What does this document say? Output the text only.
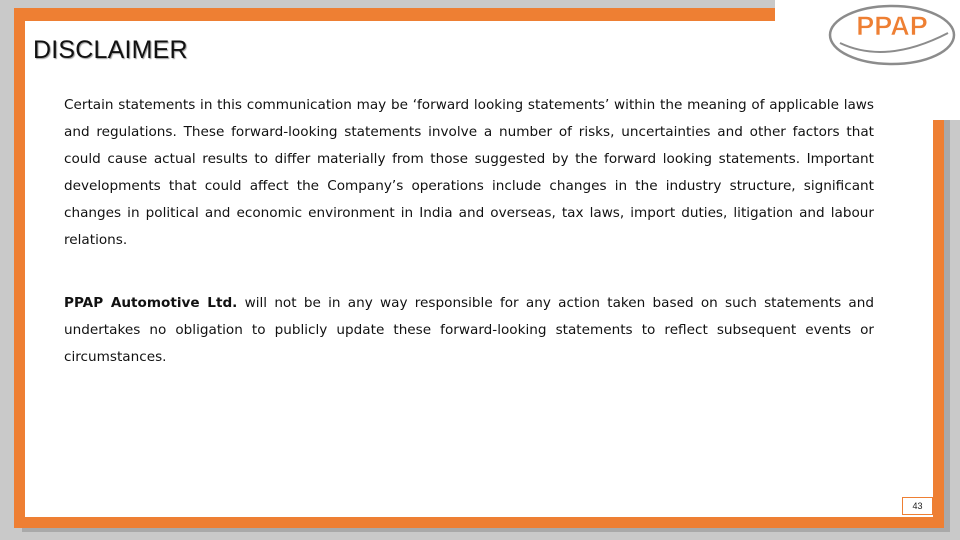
PPAP
DISCLAIMER

Certain statements in this communication may be ‘forward looking statements’ within the meaning of applicable laws and regulations. These forward-looking statements involve a number of risks, uncertainties and other factors that could cause actual results to differ materially from those suggested by the forward looking statements. Important developments that could affect the Company’s operations include changes in the industry structure, significant changes in political and economic environment in India and overseas, tax laws, import duties, litigation and labour relations.

PPAP Automotive Ltd. will not be in any way responsible for any action taken based on such statements and undertakes no obligation to publicly update these forward-looking statements to reflect subsequent events or circumstances.

43
